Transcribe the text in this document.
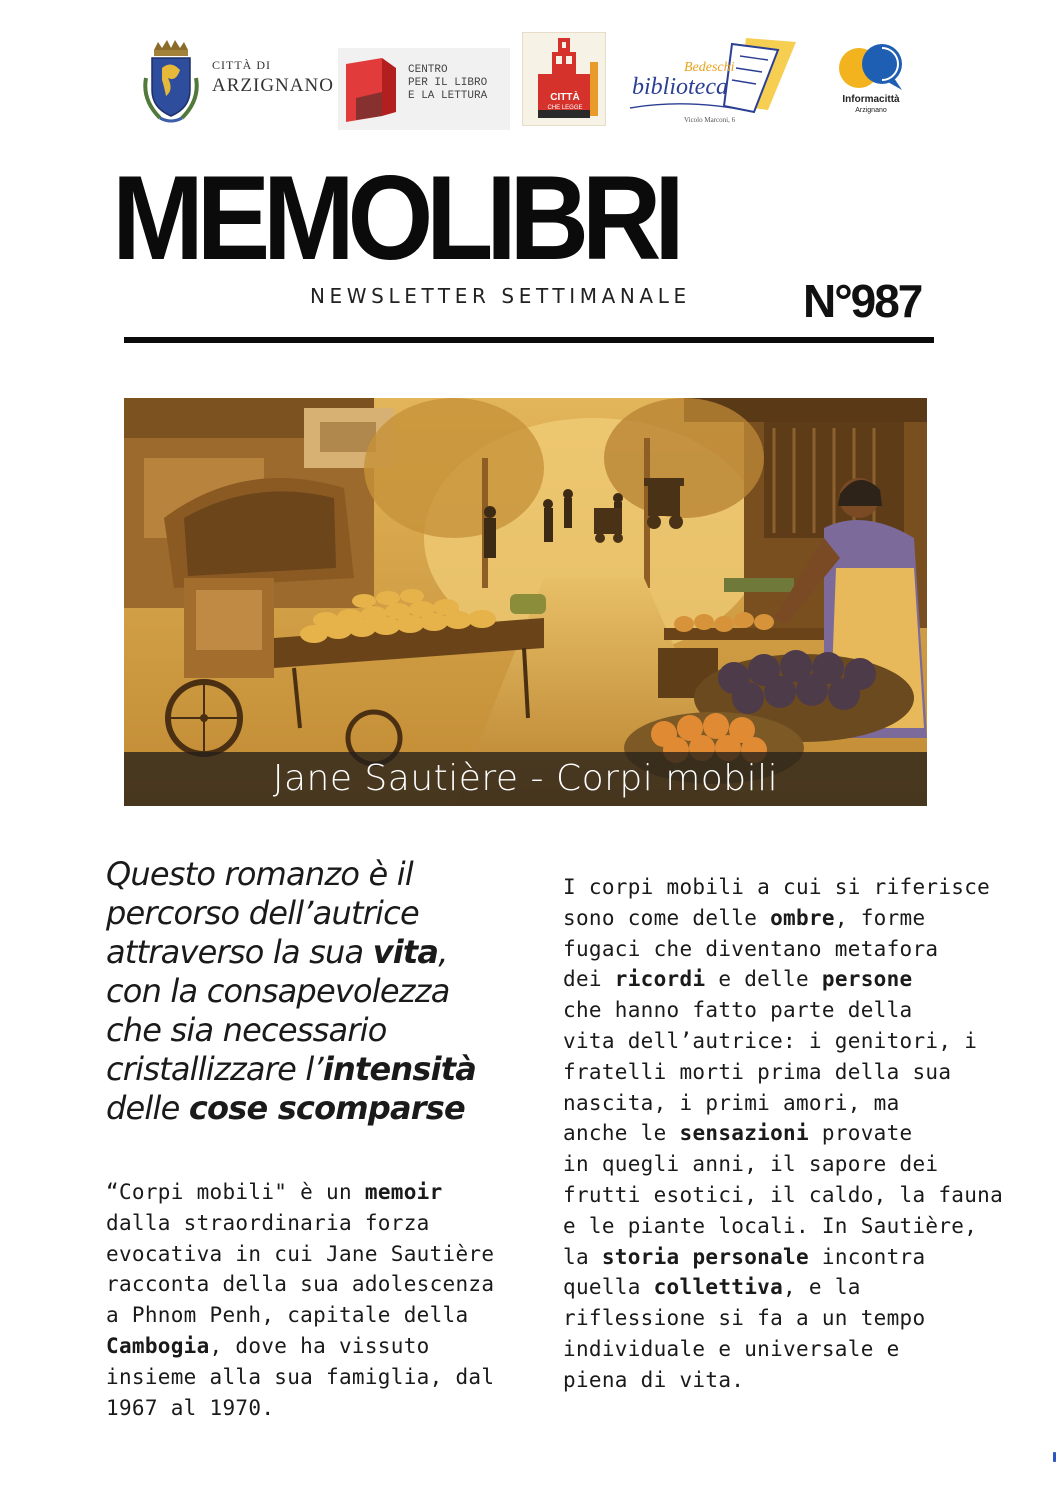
CITTÀ DI
ARZIGNANO
CENTRO
PER IL LIBRO
E LA LETTURA	CITTÀ
CHE LEGGE
Bedeschi
biblioteca
Vicolo Marconi, 6
Informacittà
Arzignano
MEMOLIBRI
NEWSLETTER SETTIMANALE N°987
Jane Sautière - Corpi mobili
Questo romanzo è il
percorso dell’autrice
attraverso la sua vita,
con la consapevolezza
che sia necessario
cristallizzare l’intensità
delle cose scomparse
“Corpi mobili" è un memoir
dalla straordinaria forza
evocativa in cui Jane Sautière
racconta della sua adolescenza
a Phnom Penh, capitale della
Cambogia, dove ha vissuto
insieme alla sua famiglia, dal
1967 al 1970.
I corpi mobili a cui si riferisce
sono come delle ombre, forme
fugaci che diventano metafora
dei ricordi e delle persone
che hanno fatto parte della
vita dell’autrice: i genitori, i
fratelli morti prima della sua
nascita, i primi amori, ma
anche le sensazioni provate
in quegli anni, il sapore dei
frutti esotici, il caldo, la fauna
e le piante locali. In Sautière,
la storia personale incontra
quella collettiva, e la
riflessione si fa a un tempo
individuale e universale e
piena di vita.
